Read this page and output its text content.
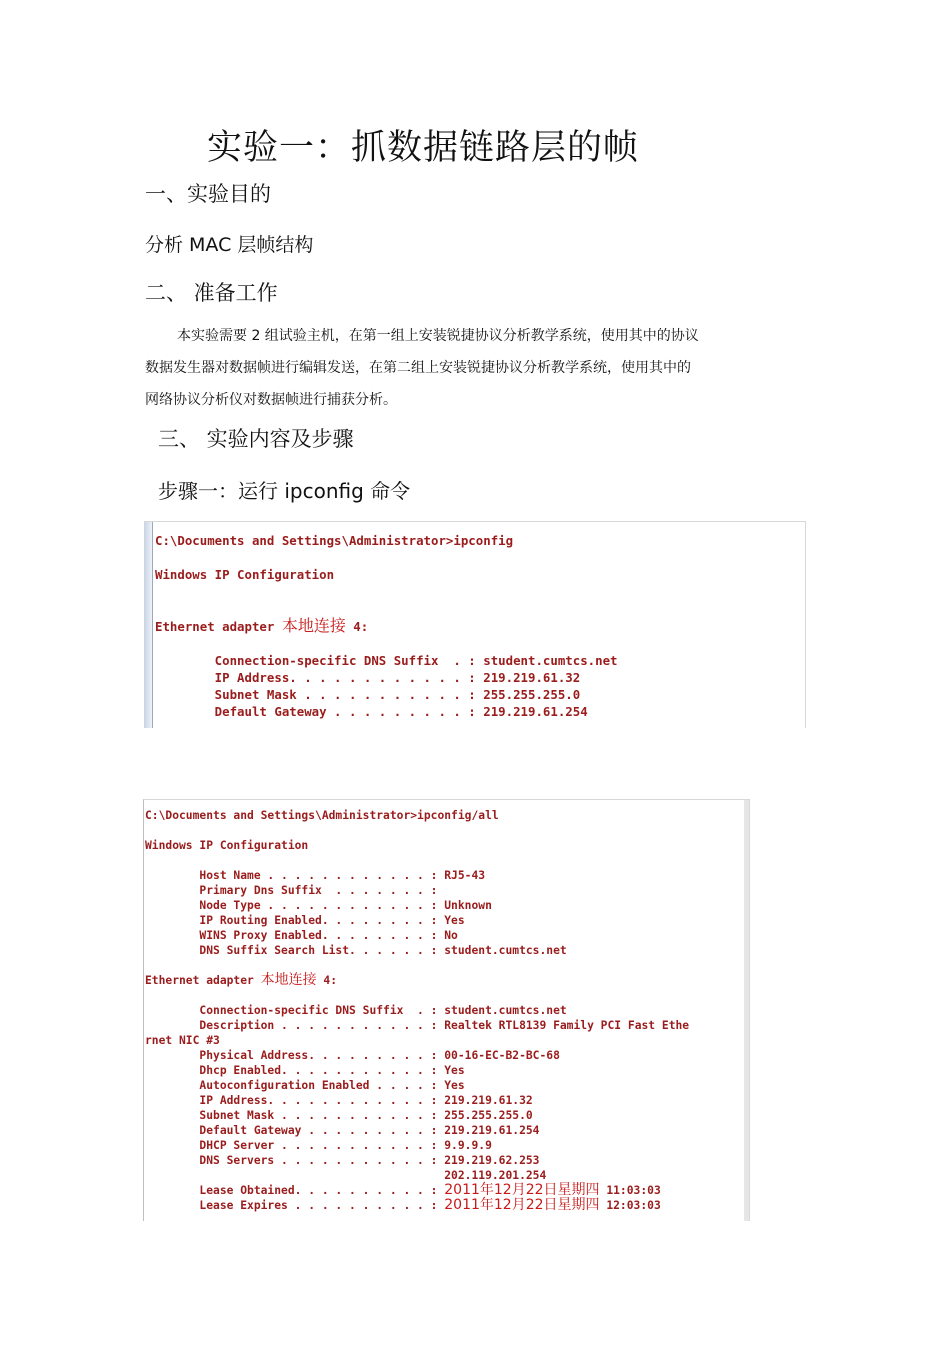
实验一：抓数据链路层的帧
一、实验目的
分析 MAC 层帧结构
二、 准备工作

本实验需要 2 组试验主机，在第一组上安装锐捷协议分析教学系统，使用其中的协议

数据发生器对数据帧进行编辑发送，在第二组上安装锐捷协议分析教学系统，使用其中的

网络协议分析仪对数据帧进行捕获分析。

三、 实验内容及步骤
步骤一：运行 ipconfig 命令
C:\Documents and Settings\Administrator>ipconfig

Windows IP Configuration

Ethernet adapter 本地连接 4:

Connection-specific DNS Suffix  . : student.cumtcs.net
IP Address. . . . . . . . . . . . : 219.219.61.32
Subnet Mask . . . . . . . . . . . : 255.255.255.0
Default Gateway . . . . . . . . . : 219.219.61.254
C:\Documents and Settings\Administrator>ipconfig/all

Windows IP Configuration

Host Name . . . . . . . . . . . . : RJ5-43
Primary Dns Suffix  . . . . . . . :
Node Type . . . . . . . . . . . . : Unknown
IP Routing Enabled. . . . . . . . : Yes
WINS Proxy Enabled. . . . . . . . : No
DNS Suffix Search List. . . . . . : student.cumtcs.net

Ethernet adapter 本地连接 4:

Connection-specific DNS Suffix  . : student.cumtcs.net
Description . . . . . . . . . . . : Realtek RTL8139 Family PCI Fast Ethe
rnet NIC #3
Physical Address. . . . . . . . . : 00-16-EC-B2-BC-68
Dhcp Enabled. . . . . . . . . . . : Yes
Autoconfiguration Enabled . . . . : Yes
IP Address. . . . . . . . . . . . : 219.219.61.32
Subnet Mask . . . . . . . . . . . : 255.255.255.0
Default Gateway . . . . . . . . . : 219.219.61.254
DHCP Server . . . . . . . . . . . : 9.9.9.9
DNS Servers . . . . . . . . . . . : 219.219.62.253
202.119.201.254
Lease Obtained. . . . . . . . . . : 2011年12月22日星期四 11:03:03
Lease Expires . . . . . . . . . . : 2011年12月22日星期四 12:03:03
